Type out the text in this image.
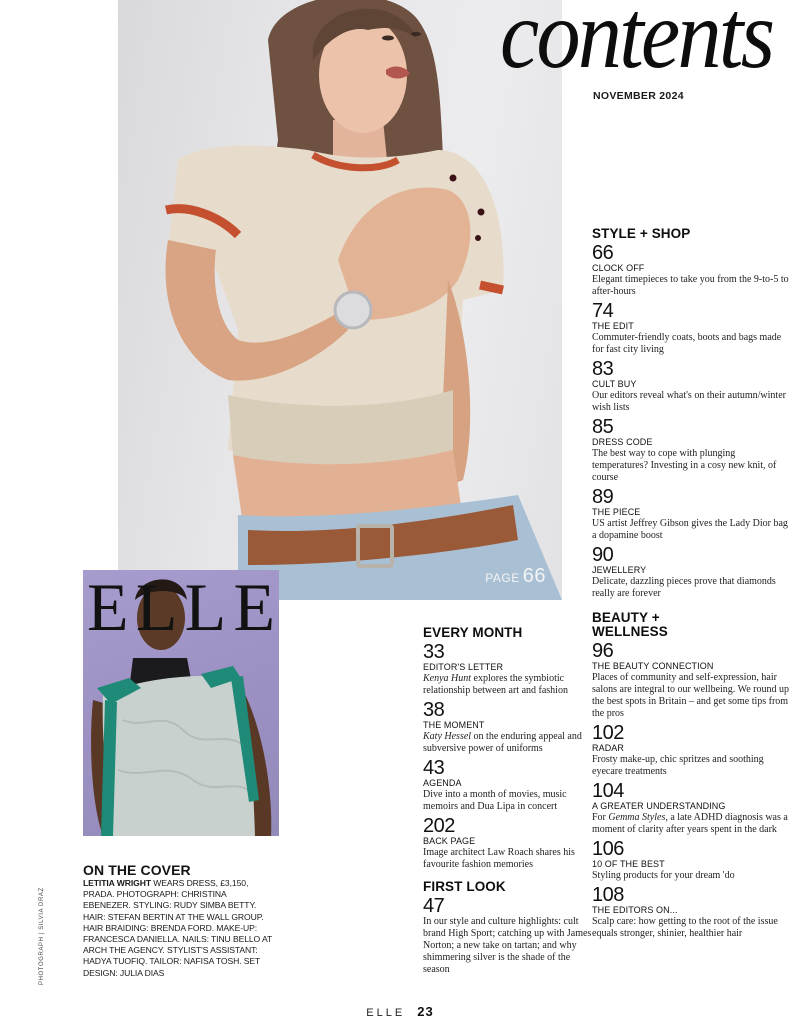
PAGE 66
contents
NOVEMBER 2024
STYLE + SHOP
66
CLOCK OFF
Elegant timepieces to take you from the 9-to-5 to after-hours
74
THE EDIT
Commuter-friendly coats, boots and bags made for fast city living
83
CULT BUY
Our editors reveal what's on their autumn/winter wish lists
85
DRESS CODE
The best way to cope with plunging temperatures? Investing in a cosy new knit, of course
89
THE PIECE
US artist Jeffrey Gibson gives the Lady Dior bag a dopamine boost
90
JEWELLERY
Delicate, dazzling pieces prove that diamonds really are forever
BEAUTY +
WELLNESS
96
THE BEAUTY CONNECTION
Places of community and self-expression, hair salons are integral to our wellbeing. We round up the best spots in Britain – and get some tips from the pros
102
RADAR
Frosty make-up, chic spritzes and soothing eyecare treatments
104
A GREATER UNDERSTANDING
For Gemma Styles, a late ADHD diagnosis was a moment of clarity after years spent in the dark
106
10 OF THE BEST
Styling products for your dream 'do
108
THE EDITORS ON...
Scalp care: how getting to the root of the issue equals stronger, shinier, healthier hair
EVERY MONTH
33
EDITOR'S LETTER
Kenya Hunt explores the symbiotic relationship between art and fashion
38
THE MOMENT
Katy Hessel on the enduring appeal and subversive power of uniforms
43
AGENDA
Dive into a month of movies, music memoirs and Dua Lipa in concert
202
BACK PAGE
Image architect Law Roach shares his favourite fashion memories
FIRST LOOK
47
In our style and culture highlights: cult brand High Sport; catching up with James Norton; a new take on tartan; and why shimmering silver is the shade of the season
E L L E
ON THE COVER
LETITIA WRIGHT WEARS DRESS, £3,150, PRADA. PHOTOGRAPH: CHRISTINA EBENEZER. STYLING: RUDY SIMBA BETTY. HAIR: STEFAN BERTIN AT THE WALL GROUP. HAIR BRAIDING: BRENDA FORD. MAKE-UP: FRANCESCA DANIELLA. NAILS: TINU BELLO AT ARCH THE AGENCY. STYLIST'S ASSISTANT: HADYA TUOFIQ. TAILOR: NAFISA TOSH. SET DESIGN: JULIA DIAS
PHOTOGRAPH | SILVIA DRAZ
ELLE 23
